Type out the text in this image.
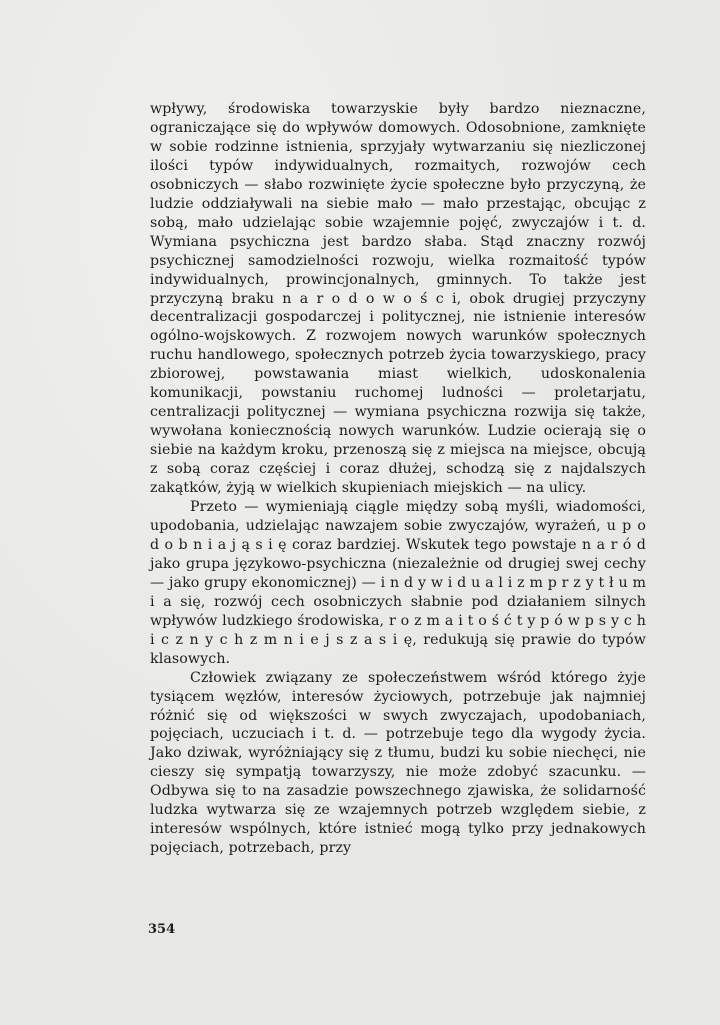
wpływy, środowiska towarzyskie były bardzo nieznaczne, ograniczające się do wpływów domowych. Odosobnione, zamknięte w sobie rodzinne istnienia, sprzyjały wytwarzaniu się niezliczonej ilości typów indywidualnych, rozmaitych, rozwojów cech osobniczych — słabo rozwinięte życie społeczne było przyczyną, że ludzie oddziaływali na siebie mało — mało przestając, obcując z sobą, mało udzielając sobie wzajemnie pojęć, zwyczajów i t. d. Wymiana psychiczna jest bardzo słaba. Stąd znaczny rozwój psychicznej samodzielności rozwoju, wielka rozmaitość typów indywidualnych, prowincjonalnych, gminnych. To także jest przyczyną braku n a r o d o w o ś c i, obok drugiej przyczyny decentralizacji gospodarczej i politycznej, nie istnienie interesów ogólno-wojskowych. Z rozwojem nowych warunków społecznych ruchu handlowego, społecznych potrzeb życia towarzyskiego, pracy zbiorowej, powstawania miast wielkich, udoskonalenia komunikacji, powstaniu ruchomej ludności — proletarjatu, centralizacji politycznej — wymiana psychiczna rozwija się także, wywołana koniecznością nowych warunków. Ludzie ocierają się o siebie na każdym kroku, przenoszą się z miejsca na miejsce, obcują z sobą coraz częściej i coraz dłużej, schodzą się z najdalszych zakątków, żyją w wielkich skupieniach miejskich — na ulicy.

Przeto — wymieniają ciągle między sobą myśli, wiadomości, upodobania, udzielając nawzajem sobie zwyczajów, wyrażeń, u p o d o b n i a j ą s i ę coraz bardziej. Wskutek tego powstaje n a r ó d jako grupa językowo-psychiczna (niezależnie od drugiej swej cechy — jako grupy ekonomicznej) — i n d y w i d u a l i z m p r z y t ł u m i a się, rozwój cech osobniczych słabnie pod działaniem silnych wpływów ludzkiego środowiska, r o z m a i t o ś ć t y p ó w p s y c h i c z n y c h z m n i e j s z a s i ę, redukują się prawie do typów klasowych.

Człowiek związany ze społeczeństwem wśród którego żyje tysiącem węzłów, interesów życiowych, potrzebuje jak najmniej różnić się od większości w swych zwyczajach, upodobaniach, pojęciach, uczuciach i t. d. — potrzebuje tego dla wygody życia. Jako dziwak, wyróżniający się z tłumu, budzi ku sobie niechęci, nie cieszy się sympatją towarzyszy, nie może zdobyć szacunku. — Odbywa się to na zasadzie powszechnego zjawiska, że solidarność ludzka wytwarza się ze wzajemnych potrzeb względem siebie, z interesów wspólnych, które istnieć mogą tylko przy jednakowych pojęciach, potrzebach, przy

354
